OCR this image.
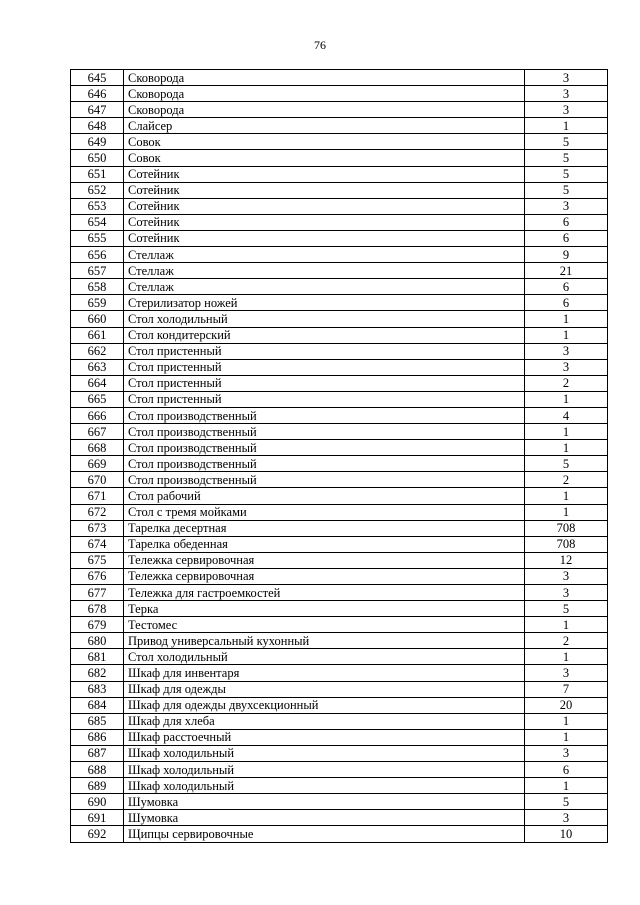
76
645	Сковорода	3
646	Сковорода	3
647	Сковорода	3
648	Слайсер	1
649	Совок	5
650	Совок	5
651	Сотейник	5
652	Сотейник	5
653	Сотейник	3
654	Сотейник	6
655	Сотейник	6
656	Стеллаж	9
657	Стеллаж	21
658	Стеллаж	6
659	Стерилизатор ножей	6
660	Стол холодильный	1
661	Стол кондитерский	1
662	Стол пристенный	3
663	Стол пристенный	3
664	Стол пристенный	2
665	Стол пристенный	1
666	Стол производственный	4
667	Стол производственный	1
668	Стол производственный	1
669	Стол производственный	5
670	Стол производственный	2
671	Стол рабочий	1
672	Стол с тремя мойками	1
673	Тарелка десертная	708
674	Тарелка обеденная	708
675	Тележка сервировочная	12
676	Тележка сервировочная	3
677	Тележка для гастроемкостей	3
678	Терка	5
679	Тестомес	1
680	Привод универсальный кухонный	2
681	Стол холодильный	1
682	Шкаф для инвентаря	3
683	Шкаф для одежды	7
684	Шкаф для одежды двухсекционный	20
685	Шкаф для хлеба	1
686	Шкаф расстоечный	1
687	Шкаф холодильный	3
688	Шкаф холодильный	6
689	Шкаф холодильный	1
690	Шумовка	5
691	Шумовка	3
692	Щипцы сервировочные	10
